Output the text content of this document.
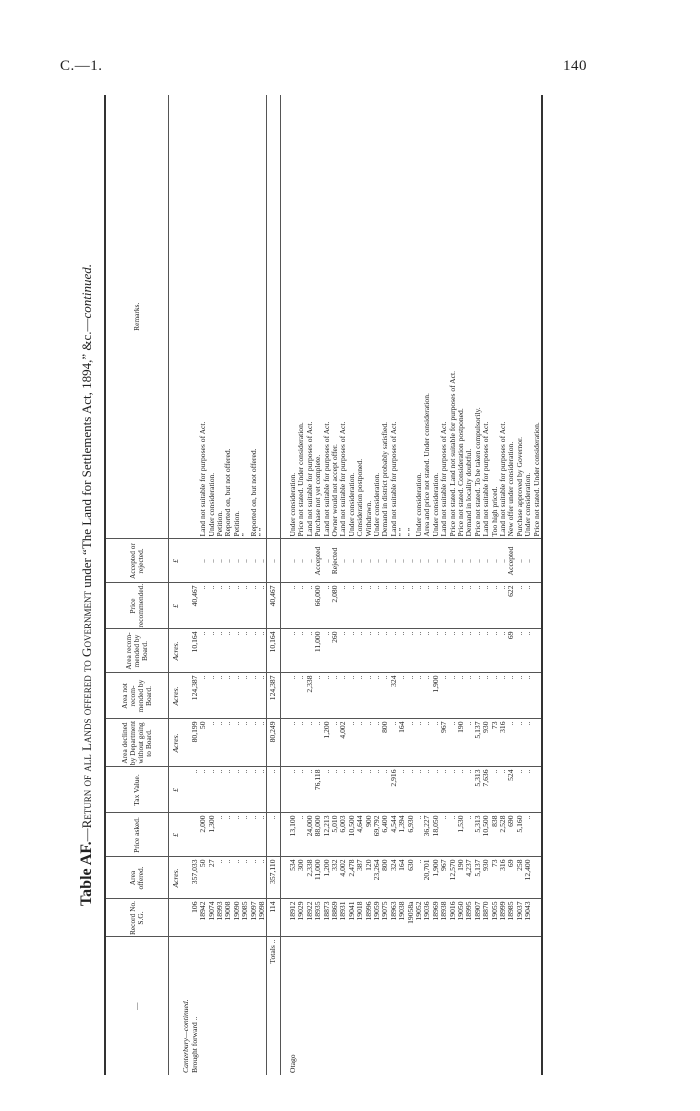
C.—1.	140
Table AF.—Return of all Lands offered to Government under “The Land for Settlements Act, 1894,” &c.—continued.
—	Record No. S.G.	Area offered.	Price asked.	Tax Value.	Area declined by Department without going to Board.	Area not recom-mended by Board.	Area recom-mended by Board.	Price recommended.	Accepted or rejected.	Remarks.
		Acres.	£	£	Acres.	Acres.	Acres.	£	£	
Canterbury—continued.										
Brought forward ..	106	357,033		..	80,199	124,387	10,164	40,467		
	18942	50	2,000	..	50	..	..	..	..	Land not suitable for purposes of Act.
	19074	27	1,300	..	..	..	..	..	..	Under consideration.
	18993	..	..	..	..	..	..	..	..	Petition.
	19008	..	..	..	..	..	..	..	..	Reported on, but not offered.
	19090	..	..	..	..	..	..	..	..	Petition.
	19085	..	..	..	..	..	..	..	..	”
	19097	..	..	..	..	..	..	..	..	Reported on, but not offered.
	19098	..	..	..	..	..	..	..	..	” ”
Totals ..	114	357,110	..	..	80,249	124,387	10,164	40,467	..	

Otago	18912	534	13,100	..	..	..	..	..	..	Under consideration.
	19029	300	..	..	..	..	..	..	..	Price not stated. Under consideration.
	18922	2,338	24,000	..	..	2,338	..	..	..	Land not suitable for purposes of Act.
	18935	11,000	88,000	76,118	..	..	11,000	66,000	Accepted	Purchase not yet complete.
	18873	1,200	12,213	..	1,200	..	..	..	..	Land not suitable for purposes of Act.
	18869	332	5,010	..	..	..	260	2,080	Rejected	Owner would not accept offer.
	18931	4,002	6,003	..	4,002	..	..	..	..	Land not suitable for purposes of Act.
	19041	2,478	10,500	..	..	..	..	..	..	Under consideration.
	19018	387	4,644	..	..	..	..	..	..	Consideration postponed.
	18996	120	900	..	..	..	..	..	..	Withdrawn.
	19059	23,264	69,792	..	..	..	..	..	..	Under consideration.
	19075	800	6,400	..	800	..	..	..	..	Demand in district probably satisfied.
	18963	324	4,544	2,916	..	324	..	..	..	Land not suitable for purposes of Act.
	19038	164	1,394	..	164	..	..	..	..	” ”
	19058a	630	6,930	..	..	..	..	..	..	” ”
	19052	..	..	..	..	..	..	..	..	Under consideration.
	19036	20,701	36,227	..	..	..	..	..	..	Area and price not stated. Under consideration.
	18969	1,900	18,050	..	..	1,900	..	..	..	Under consideration.
	18938	967	..	..	967	..	..	..	..	Land not suitable for purposes of Act.
	19016	12,570	..	..	..	..	..	..	..	Price not stated. Land not suitable for purposes of Act.
	19050	190	1,530	..	190	..	..	..	..	Price not stated. Consideration postponed.
	18995	4,237	..	..	..	..	..	..	..	Demand in locality doubtful.
	18907	5,137	5,313	5,313	5,137	..	..	..	..	Price not stated. To be taken compulsorily.
	18870	930	10,500	7,636	930	..	..	..	..	Land not suitable for purposes of Act.
	19055	73	838	..	73	..	..	..	..	Too high priced.
	18999	316	2,528	..	316	..	..	..	..	Land not suitable for purposes of Act.
	18985	69	690	524	..	..	69	622	Accepted	New offer under consideration.
	19037	258	5,160	..	..	..	..	..	..	Purchase approved by Governor.
	19043	12,400	..	..	..	..	..	..	..	Under consideration.
										Price not stated. Under consideration.
